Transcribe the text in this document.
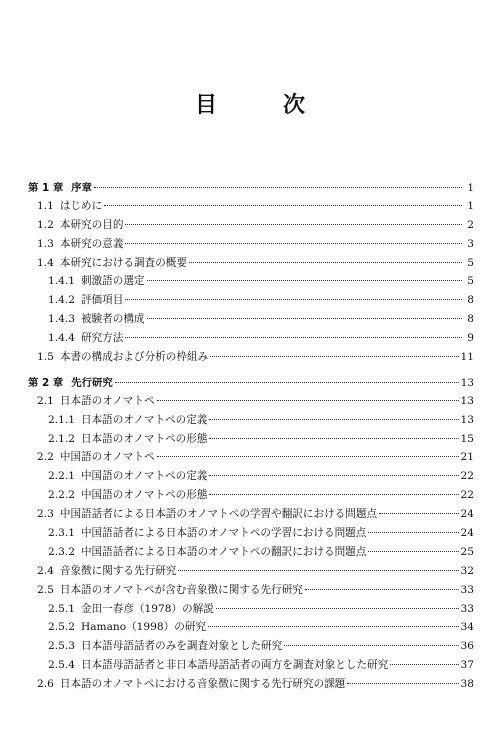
目　次
第 1 章 序章	1
1.1 はじめに	1
1.2 本研究の目的	2
1.3 本研究の意義	3
1.4 本研究における調査の概要	5
1.4.1 刺激語の選定	5
1.4.2 評価項目	8
1.4.3 被験者の構成	8
1.4.4 研究方法	9
1.5 本書の構成および分析の枠組み	11
第 2 章 先行研究	13
2.1 日本語のオノマトペ	13
2.1.1 日本語のオノマトペの定義	13
2.1.2 日本語のオノマトペの形態	15
2.2 中国語のオノマトペ	21
2.2.1 中国語のオノマトペの定義	22
2.2.2 中国語のオノマトペの形態	22
2.3 中国語話者による日本語のオノマトペの学習や翻訳における問題点	24
2.3.1 中国語話者による日本語のオノマトペの学習における問題点	24
2.3.2 中国語話者による日本語のオノマトペの翻訳における問題点	25
2.4 音象徴に関する先行研究	32
2.5 日本語のオノマトペが含む音象徴に関する先行研究	33
2.5.1 金田一春彦（1978）の解説	33
2.5.2 Hamano（1998）の研究	34
2.5.3 日本語母語話者のみを調査対象とした研究	36
2.5.4 日本語母語話者と非日本語母語話者の両方を調査対象とした研究	37
2.6 日本語のオノマトペにおける音象徴に関する先行研究の課題	38
